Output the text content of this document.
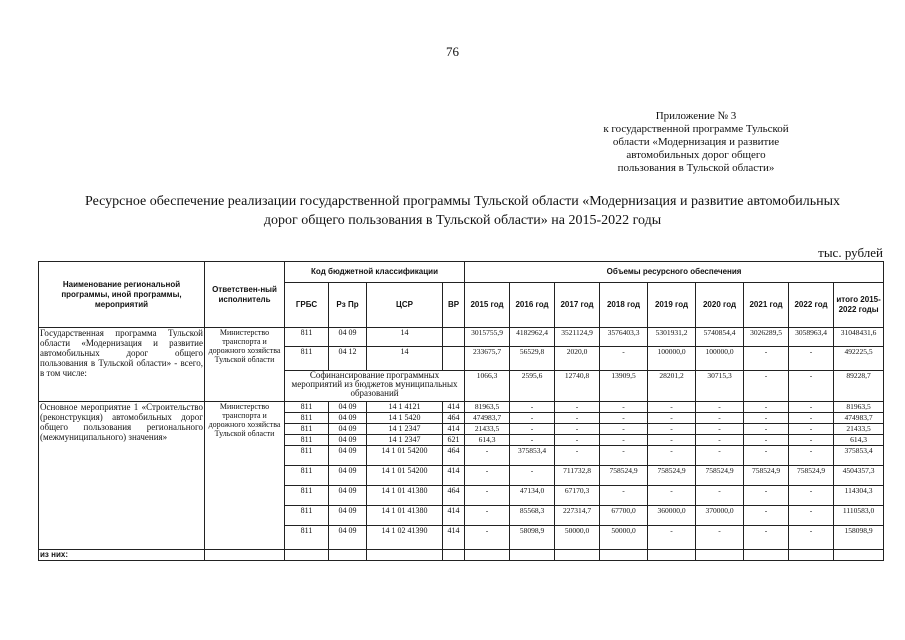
76
Приложение № 3
к государственной программе Тульской
области «Модернизация и развитие
автомобильных дорог общего
пользования в Тульской области»
Ресурсное обеспечение реализации государственной программы Тульской области «Модернизация и развитие автомобильных
дорог общего пользования в Тульской области» на 2015-2022 годы
тыс. рублей
Наименование региональной программы, иной программы, мероприятий	Ответствен-ный исполнитель	Код бюджетной классификации				Объемы ресурсного обеспечения								
		ГРБС	Рз Пр	ЦСР	ВР	2015 год	2016 год	2017 год	2018 год	2019 год	2020 год	2021 год	2022 год	итого 2015-2022 годы
Государственная программа Тульской области «Модернизация и развитие автомобильных дорог общего пользования в Тульской области» - всего, в том числе:	Министерство транспорта и дорожного хозяйства Тульской области	811	04 09	14		3015755,9	4182962,4	3521124,9	3576403,3	5301931,2	5740854,4	3026289,5	3058963,4	31048431,6
		811	04 12	14		233675,7	56529,8	2020,0	-	100000,0	100000,0	-	-	492225,5
		Софинансирование программных мероприятий из бюджетов муниципальных образований				1066,3	2595,6	12740,8	13909,5	28201,2	30715,3	-	-	89228,7
Основное мероприятие 1 «Строительство (реконструкция) автомобильных дорог общего пользования регионального (межмуниципального) значения»	Министерство транспорта и дорожного хозяйства Тульской области	811	04 09	14 1 4121	414	81963,5	-	-	-	-	-	-	-	81963,5
		811	04 09	14 1 5420	464	474983,7	-	-	-	-	-	-	-	474983,7
		811	04 09	14 1 2347	414	21433,5	-	-	-	-	-	-	-	21433,5
		811	04 09	14 1 2347	621	614,3	-	-	-	-	-	-	-	614,3
		811	04 09	14 1 01 54200	464	-	375853,4	-	-	-	-	-	-	375853,4
		811	04 09	14 1 01 54200	414	-	-	711732,8	758524,9	758524,9	758524,9	758524,9	758524,9	4504357,3
		811	04 09	14 1 01 41380	464	-	47134,0	67170,3	-	-	-	-	-	114304,3
		811	04 09	14 1 01 41380	414	-	85568,3	227314,7	67700,0	360000,0	370000,0	-	-	1110583,0
		811	04 09	14 1 02 41390	414	-	58098,9	50000,0	50000,0	-	-	-	-	158098,9
из них:														
